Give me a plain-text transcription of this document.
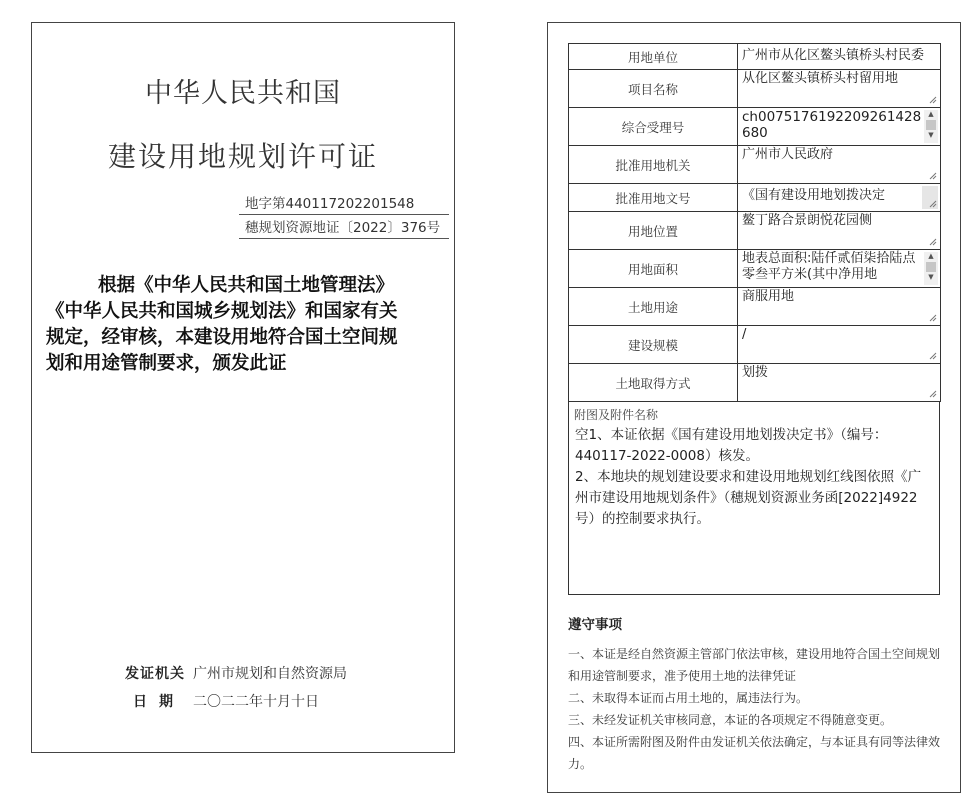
中华人民共和国
建设用地规划许可证
地字第440117202201548
穗规划资源地证〔2022〕376号
根据《中华人民共和国土地管理法》
《中华人民共和国城乡规划法》和国家有关
规定，经审核，本建设用地符合国土空间规
划和用途管制要求，颁发此证
发证机关 广州市规划和自然资源局
日期 二〇二二年十月十日
用地单位	广州市从化区鳌头镇桥头村民委

项目名称	从化区鳌头镇桥头村留用地

综合受理号	ch00751761922092614286​80
▲
▼

批准用地机关	广州市人民政府

批准用地文号	《国有建设用地划拨决定

用地位置	鳌丁路合景朗悦花园侧

用地面积	地表总面积:陆仟贰佰柒拾陆点零叁平方米(其中净用地
▲
▼

土地用途	商服用地

建设规模	/

土地取得方式	划拨
附图及附件名称

空1、本证依据《国有建设用地划拨决定书》（编号：440117-2022-0008）核发。

2、本地块的规划建设要求和建设用地规划红线图依照《广州市建设用地规划条件》（穗规划资源业务函[2022]4922号）的控制要求执行。

遵守事项

一、本证是经自然资源主管部门依法审核，建设用地符合国土空间规划和用途管制要求，准予使用土地的法律凭证

二、未取得本证而占用土地的，属违法行为。

三、未经发证机关审核同意，本证的各项规定不得随意变更。

四、本证所需附图及附件由发证机关依法确定，与本证具有同等法律效力。
